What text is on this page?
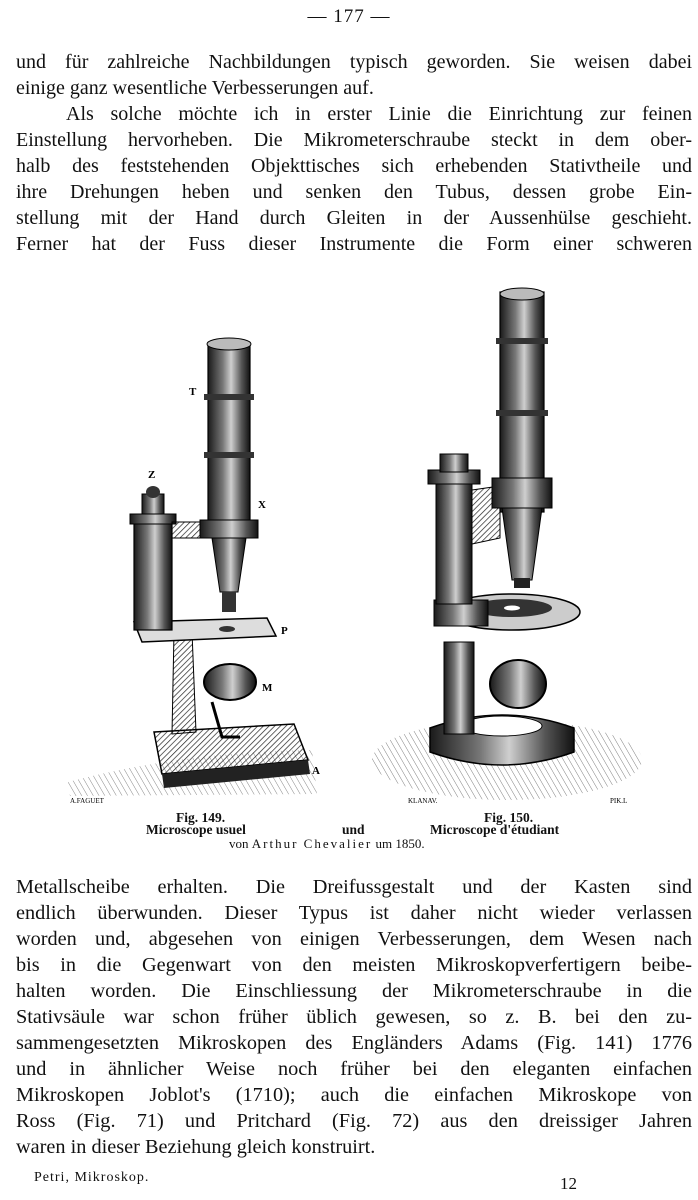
— 177 —
und für zahlreiche Nachbildungen typisch geworden. Sie weisen dabei
einige ganz wesentliche Verbesserungen auf.
Als solche möchte ich in erster Linie die Einrichtung zur feinen
Einstellung hervorheben. Die Mikrometerschraube steckt in dem ober-
halb des feststehenden Objekttisches sich erhebenden Stativtheile und
ihre Drehungen heben und senken den Tubus, dessen grobe Ein-
stellung mit der Hand durch Gleiten in der Aussenhülse geschieht.
Ferner hat der Fuss dieser Instrumente die Form einer schweren
T
Z
X
P
M
A
A.FAGUET	KLANAV.	PIK.L
Fig. 149.	Fig. 150.
Microscope usuel	und	Microscope d'étudiant
von Arthur Chevalier um 1850.
Metallscheibe erhalten. Die Dreifussgestalt und der Kasten sind
endlich überwunden. Dieser Typus ist daher nicht wieder verlassen
worden und, abgesehen von einigen Verbesserungen, dem Wesen nach
bis in die Gegenwart von den meisten Mikroskopverfertigern beibe-
halten worden. Die Einschliessung der Mikrometerschraube in die
Stativsäule war schon früher üblich gewesen, so z. B. bei den zu-
sammengesetzten Mikroskopen des Engländers Adams (Fig. 141) 1776
und in ähnlicher Weise noch früher bei den eleganten einfachen
Mikroskopen Joblot's (1710); auch die einfachen Mikroskope von
Ross (Fig. 71) und Pritchard (Fig. 72) aus den dreissiger Jahren
waren in dieser Beziehung gleich konstruirt.
Petri, Mikroskop.	12
